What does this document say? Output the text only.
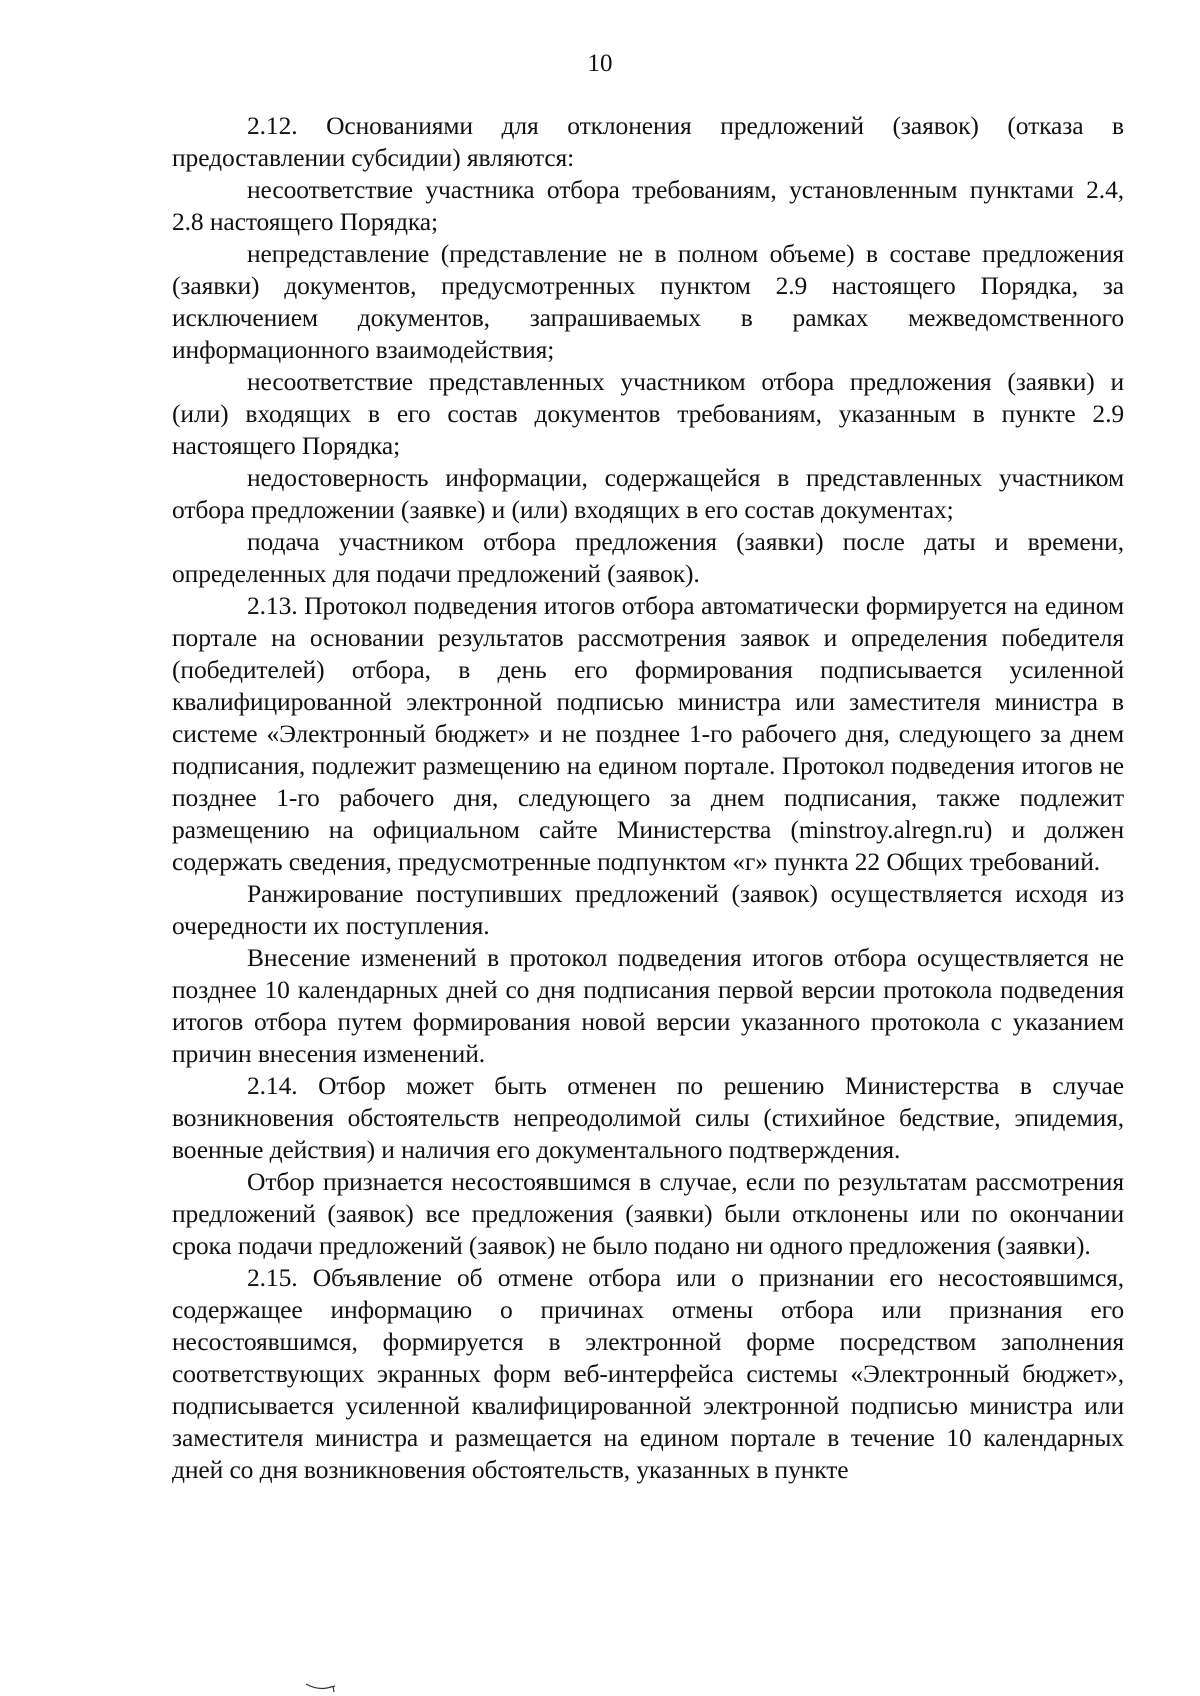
10

2.12. Основаниями для отклонения предложений (заявок) (отказа в предоставлении субсидии) являются:

несоответствие участника отбора требованиям, установленным пунктами 2.4, 2.8 настоящего Порядка;

непредставление (представление не в полном объеме) в составе предложения (заявки) документов, предусмотренных пунктом 2.9 настоящего Порядка, за исключением документов, запрашиваемых в рамках межведомственного информационного взаимодействия;

несоответствие представленных участником отбора предложения (заявки) и (или) входящих в его состав документов требованиям, указанным в пункте 2.9 настоящего Порядка;

недостоверность информации, содержащейся в представленных участником отбора предложении (заявке) и (или) входящих в его состав документах;

подача участником отбора предложения (заявки) после даты и времени, определенных для подачи предложений (заявок).

2.13. Протокол подведения итогов отбора автоматически формируется на едином портале на основании результатов рассмотрения заявок и определения победителя (победителей) отбора, в день его формирования подписывается усиленной квалифицированной электронной подписью министра или заместителя министра в системе «Электронный бюджет» и не позднее 1-го рабочего дня, следующего за днем подписания, подлежит размещению на едином портале. Протокол подведения итогов не позднее 1-го рабочего дня, следующего за днем подписания, также подлежит размещению на официальном сайте Министерства (minstroy.alregn.ru) и должен содержать сведения, предусмотренные подпунктом «г» пункта 22 Общих требований.

Ранжирование поступивших предложений (заявок) осуществляется исходя из очередности их поступления.

Внесение изменений в протокол подведения итогов отбора осуществляется не позднее 10 календарных дней со дня подписания первой версии протокола подведения итогов отбора путем формирования новой версии указанного протокола с указанием причин внесения изменений.

2.14. Отбор может быть отменен по решению Министерства в случае возникновения обстоятельств непреодолимой силы (стихийное бедствие, эпидемия, военные действия) и наличия его документального подтверждения.

Отбор признается несостоявшимся в случае, если по результатам рассмотрения предложений (заявок) все предложения (заявки) были отклонены или по окончании срока подачи предложений (заявок) не было подано ни одного предложения (заявки).

2.15. Объявление об отмене отбора или о признании его несостоявшимся, содержащее информацию о причинах отмены отбора или признания его несостоявшимся, формируется в электронной форме посредством заполнения соответствующих экранных форм веб-интерфейса системы «Электронный бюджет», подписывается усиленной квалифицированной электронной подписью министра или заместителя министра и размещается на едином портале в течение 10 календарных дней со дня возникновения обстоятельств, указанных в пункте
